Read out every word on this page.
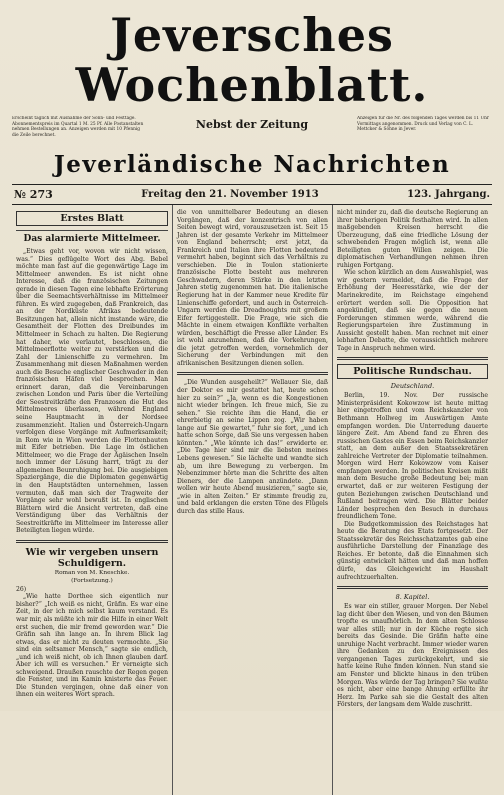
Jeversches Wochenblatt.
Erscheint täglich mit Ausnahme der Sonn- und Festtage. Abonnementspreis im Quartal 1 M. 25 Pf. Alle Postanstalten nehmen Bestellungen an. Anzeigen werden mit 10 Pfennig die Zeile berechnet.
Nebst der Zeitung	Anzeigen für die Nr. des folgenden Tages werden bis 11 Uhr Vormittags angenommen. Druck und Verlag von C. L. Mettcker & Söhne in Jever.
Jeverländische Nachrichten
№ 273	Freitag den 21. November 1913	123. Jahrgang.
Erstes Blatt
Das alarmierte Mittelmeer.

„Etwas geht vor, wovon wir nicht wissen, was.“ Dies geflügelte Wort des Abg. Bebel möchte man fast auf die gegenwärtige Lage im Mittelmeer anwenden. Es ist nicht ohne Interesse, daß die französischen Zeitungen gerade in diesen Tagen eine lebhafte Erörterung über die Seemachtsverhältnisse im Mittelmeer führen. Es wird zugegeben, daß Frankreich, das an der Nordküste Afrikas bedeutende Besitzungen hat, allein nicht imstande wäre, die Gesamtheit der Flotten des Dreibundes im Mittelmeer in Schach zu halten. Die Regierung hat daher, wie verlautet, beschlossen, die Mittelmeerflotte weiter zu verstärken und die Zahl der Linienschiffe zu vermehren. Im Zusammenhang mit diesen Maßnahmen werden auch die Besuche englischer Geschwader in den französischen Häfen viel besprochen. Man erinnert daran, daß die Vereinbarungen zwischen London und Paris über die Verteilung der Seestreitkräfte den Franzosen die Hut des Mittelmeeres überlassen, während England seine Hauptmacht in der Nordsee zusammenzieht. Italien und Österreich-Ungarn verfolgen diese Vorgänge mit Aufmerksamkeit; in Rom wie in Wien werden die Flottenbauten mit Eifer betrieben. Die Lage im östlichen Mittelmeer, wo die Frage der Ägäischen Inseln noch immer der Lösung harrt, trägt zu der allgemeinen Beunruhigung bei. Die ausgiebigen Spaziergänge, die die Diplomaten gegenwärtig in den Hauptstädten unternehmen, lassen vermuten, daß man sich der Tragweite der Vorgänge sehr wohl bewußt ist. In englischen Blättern wird die Ansicht vertreten, daß eine Verständigung über das Verhältnis der Seestreitkräfte im Mittelmeer im Interesse aller Beteiligten liegen würde.

Wie wir vergeben unsern Schuldigern.
Roman von M. Kneschke.
(Fortsetzung.)

26)

„Wie hatte Dorthee sich eigentlich nur bisher?“ „Ich weiß es nicht, Gräfin. Es war eine Zeit, in der ich mich selbst kaum verstand. Es war mir, als müßte ich mir die Hilfe in einer Welt erst suchen, die mir fremd geworden war.“ Die Gräfin sah ihn lange an. In ihrem Blick lag etwas, das er nicht zu deuten vermochte. „Sie sind ein seltsamer Mensch,“ sagte sie endlich, „und ich weiß nicht, ob ich Ihnen glauben darf. Aber ich will es versuchen.“ Er verneigte sich schweigend. Draußen rauschte der Regen gegen die Fenster, und im Kamin knisterte das Feuer. Die Stunden vergingen, ohne daß einer von ihnen ein weiteres Wort sprach.

die von unmittelbarer Bedeutung an diesen Vorgängen, daß der konzentrisch von allen Seiten bewegt wird, vorauszusetzen ist. Seit 15 Jahren ist der gesamte Verkehr im Mittelmeer von England beherrscht; erst jetzt, da Frankreich und Italien ihre Flotten bedeutend vermehrt haben, beginnt sich das Verhältnis zu verschieben. Die in Toulon stationierte französische Flotte besteht aus mehreren Geschwadern, deren Stärke in den letzten Jahren stetig zugenommen hat. Die italienische Regierung hat in der Kammer neue Kredite für Linienschiffe gefordert, und auch in Österreich-Ungarn werden die Dreadnoughts mit großem Eifer fertiggestellt. Die Frage, wie sich die Mächte in einem etwaigen Konflikte verhalten würden, beschäftigt die Presse aller Länder. Es ist wohl anzunehmen, daß die Vorkehrungen, die jetzt getroffen werden, vornehmlich der Sicherung der Verbindungen mit den afrikanischen Besitzungen dienen sollen.

„Die Wunden ausgeheilt?“ Wellauer Sie, daß der Doktor es mir gestattet hat, heute schon hier zu sein?“ „Ja, wenn es die Kongestionen nicht wieder bringen. Ich freue mich, Sie zu sehen.“ Sie reichte ihm die Hand, die er ehrerbietig an seine Lippen zog. „Wir haben lange auf Sie gewartet,“ fuhr sie fort, „und ich hatte schon Sorge, daß Sie uns vergessen haben könnten.“ „Wie könnte ich das!“ erwiderte er. „Die Tage hier sind mir die liebsten meines Lebens gewesen.“ Sie lächelte und wandte sich ab, um ihre Bewegung zu verbergen. Im Nebenzimmer hörte man die Schritte des alten Dieners, der die Lampen anzündete. „Dann wollen wir heute Abend musizieren,“ sagte sie, „wie in alten Zeiten.“ Er stimmte freudig zu, und bald erklangen die ersten Töne des Flügels durch das stille Haus.

nicht minder zu, daß die deutsche Regierung an ihrer bisherigen Politik festhalten wird. In allen maßgebenden Kreisen herrscht die Überzeugung, daß eine friedliche Lösung der schwebenden Fragen möglich ist, wenn alle Beteiligten guten Willen zeigen. Die diplomatischen Verhandlungen nehmen ihren ruhigen Fortgang.

Wie schon kürzlich an dem Auswahlspiel, was wir gestern vermeldet, daß die Frage der Erhöhung der Heeresstärke, wie der der Marinekredite, im Reichstage eingehend erörtert werden soll. Die Opposition hat angekündigt, daß sie gegen die neuen Forderungen stimmen werde, während die Regierungsparteien ihre Zustimmung in Aussicht gestellt haben. Man rechnet mit einer lebhaften Debatte, die voraussichtlich mehrere Tage in Anspruch nehmen wird.

Politische Rundschau.
Deutschland.

Berlin, 19. Nov. Der russische Ministerpräsident Kokowzow ist heute mittag hier eingetroffen und vom Reichskanzler von Bethmann Hollweg im Auswärtigen Amte empfangen worden. Die Unterredung dauerte längere Zeit. Am Abend fand zu Ehren des russischen Gastes ein Essen beim Reichskanzler statt, an dem außer den Staatssekretären zahlreiche Vertreter der Diplomatie teilnahmen. Morgen wird Herr Kokowzow vom Kaiser empfangen werden. In politischen Kreisen mißt man dem Besuche große Bedeutung bei; man erwartet, daß er zur weiteren Festigung der guten Beziehungen zwischen Deutschland und Rußland beitragen wird. Die Blätter beider Länder besprechen den Besuch in durchaus freundlichem Tone.

Die Budgetkommission des Reichstages hat heute die Beratung des Etats fortgesetzt. Der Staatssekretär des Reichsschatzamtes gab eine ausführliche Darstellung der Finanzlage des Reiches. Er betonte, daß die Einnahmen sich günstig entwickelt hätten und daß man hoffen dürfe, das Gleichgewicht im Haushalt aufrechtzuerhalten.

8. Kapitel.

Es war ein stiller, grauer Morgen. Der Nebel lag dicht über den Wiesen, und von den Bäumen tropfte es unaufhörlich. In dem alten Schlosse war alles still; nur in der Küche regte sich bereits das Gesinde. Die Gräfin hatte eine unruhige Nacht verbracht. Immer wieder waren ihre Gedanken zu den Ereignissen des vergangenen Tages zurückgekehrt, und sie hatte keine Ruhe finden können. Nun stand sie am Fenster und blickte hinaus in den trüben Morgen. Was würde der Tag bringen? Sie wußte es nicht, aber eine bange Ahnung erfüllte ihr Herz. Im Parke sah sie die Gestalt des alten Försters, der langsam dem Walde zuschritt.
